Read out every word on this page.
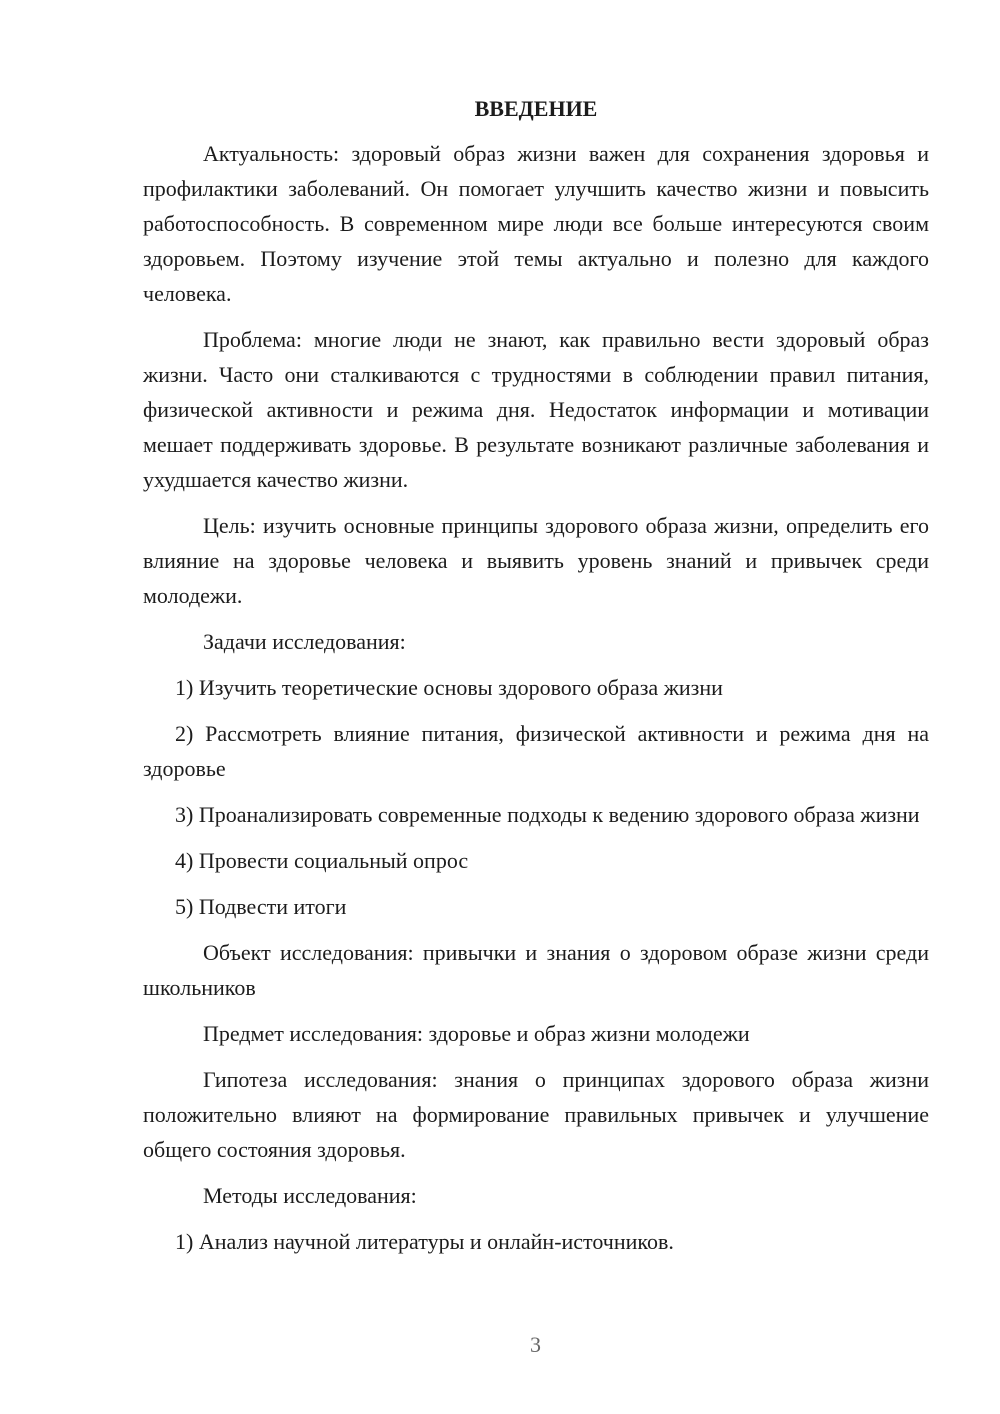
ВВЕДЕНИЕ

Актуальность: здоровый образ жизни важен для сохранения здоровья и профилактики заболеваний. Он помогает улучшить качество жизни и повысить работоспособность. В современном мире люди все больше интересуются своим здоровьем. Поэтому изучение этой темы актуально и полезно для каждого человека.

Проблема: многие люди не знают, как правильно вести здоровый образ жизни. Часто они сталкиваются с трудностями в соблюдении правил питания, физической активности и режима дня. Недостаток информации и мотивации мешает поддерживать здоровье. В результате возникают различные заболевания и ухудшается качество жизни.

Цель: изучить основные принципы здорового образа жизни, определить его влияние на здоровье человека и выявить уровень знаний и привычек среди молодежи.

Задачи исследования:

1) Изучить теоретические основы здорового образа жизни

2) Рассмотреть влияние питания, физической активности и режима дня на здоровье

3) Проанализировать современные подходы к ведению здорового образа жизни

4) Провести социальный опрос

5) Подвести итоги

Объект исследования: привычки и знания о здоровом образе жизни среди школьников

Предмет исследования: здоровье и образ жизни молодежи

Гипотеза исследования: знания о принципах здорового образа жизни положительно влияют на формирование правильных привычек и улучшение общего состояния здоровья.

Методы исследования:

1) Анализ научной литературы и онлайн-источников.

3
